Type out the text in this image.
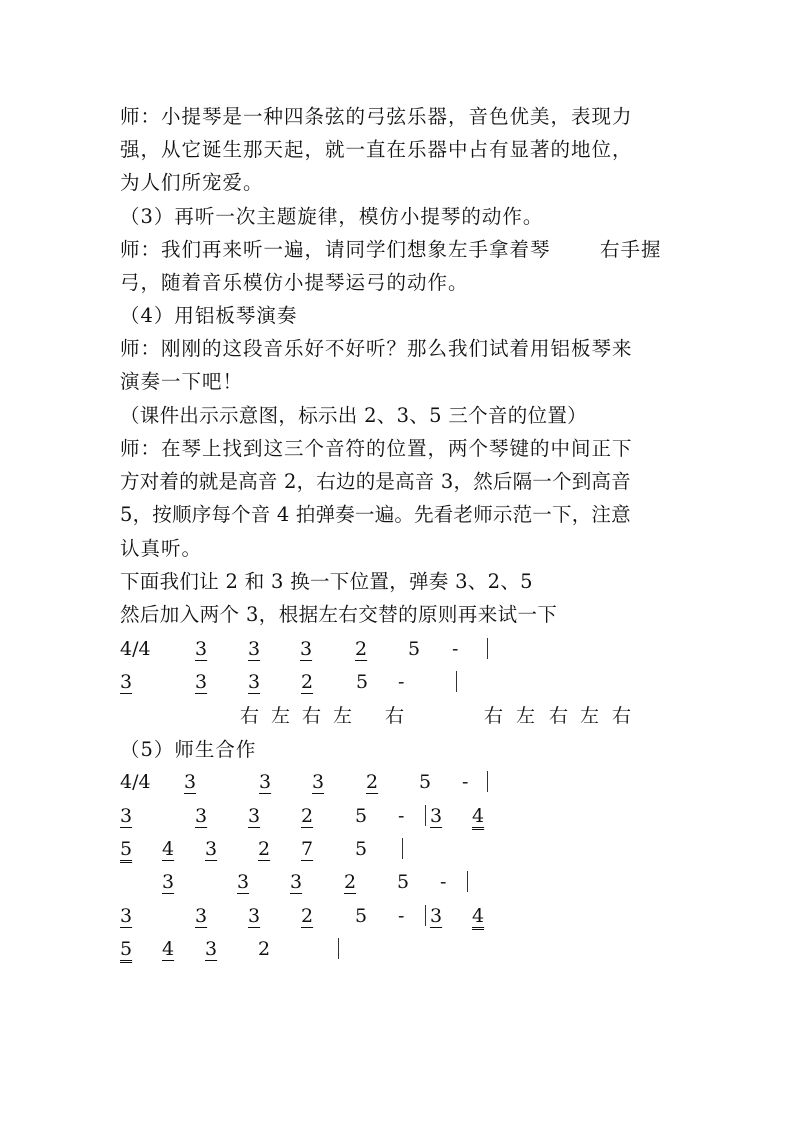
师：小提琴是一种四条弦的弓弦乐器，音色优美，表现力
强，从它诞生那天起，就一直在乐器中占有显著的地位，
为人们所宠爱。
（3）再听一次主题旋律，模仿小提琴的动作。
师：我们再来听一遍，请同学们想象左手拿着琴	右手握
弓，随着音乐模仿小提琴运弓的动作。
（4）用铝板琴演奏
师：刚刚的这段音乐好不好听？那么我们试着用铝板琴来
演奏一下吧！
（课件出示示意图，标示出 2、3、5 三个音的位置）
师：在琴上找到这三个音符的位置，两个琴键的中间正下
方对着的就是高音 2，右边的是高音 3，然后隔一个到高音
5，按顺序每个音 4 拍弹奏一遍。先看老师示范一下，注意
认真听。
下面我们让 2 和 3 换一下位置，弹奏 3、2、5
然后加入两个 3，根据左右交替的原则再来试一下
4/4 3	3 3	2 5 -
3	3 3	2 5 -
右 左 右 左 右	右 左 右 左 右
（5）师生合作
4/4 3	3 3	2 5 -
3	3 3	2 5 - 3	4
5 4	3 2	7 5
3	3 3	2 5 -
3	3 3	2 5 - 3	4
5 4	3 2
